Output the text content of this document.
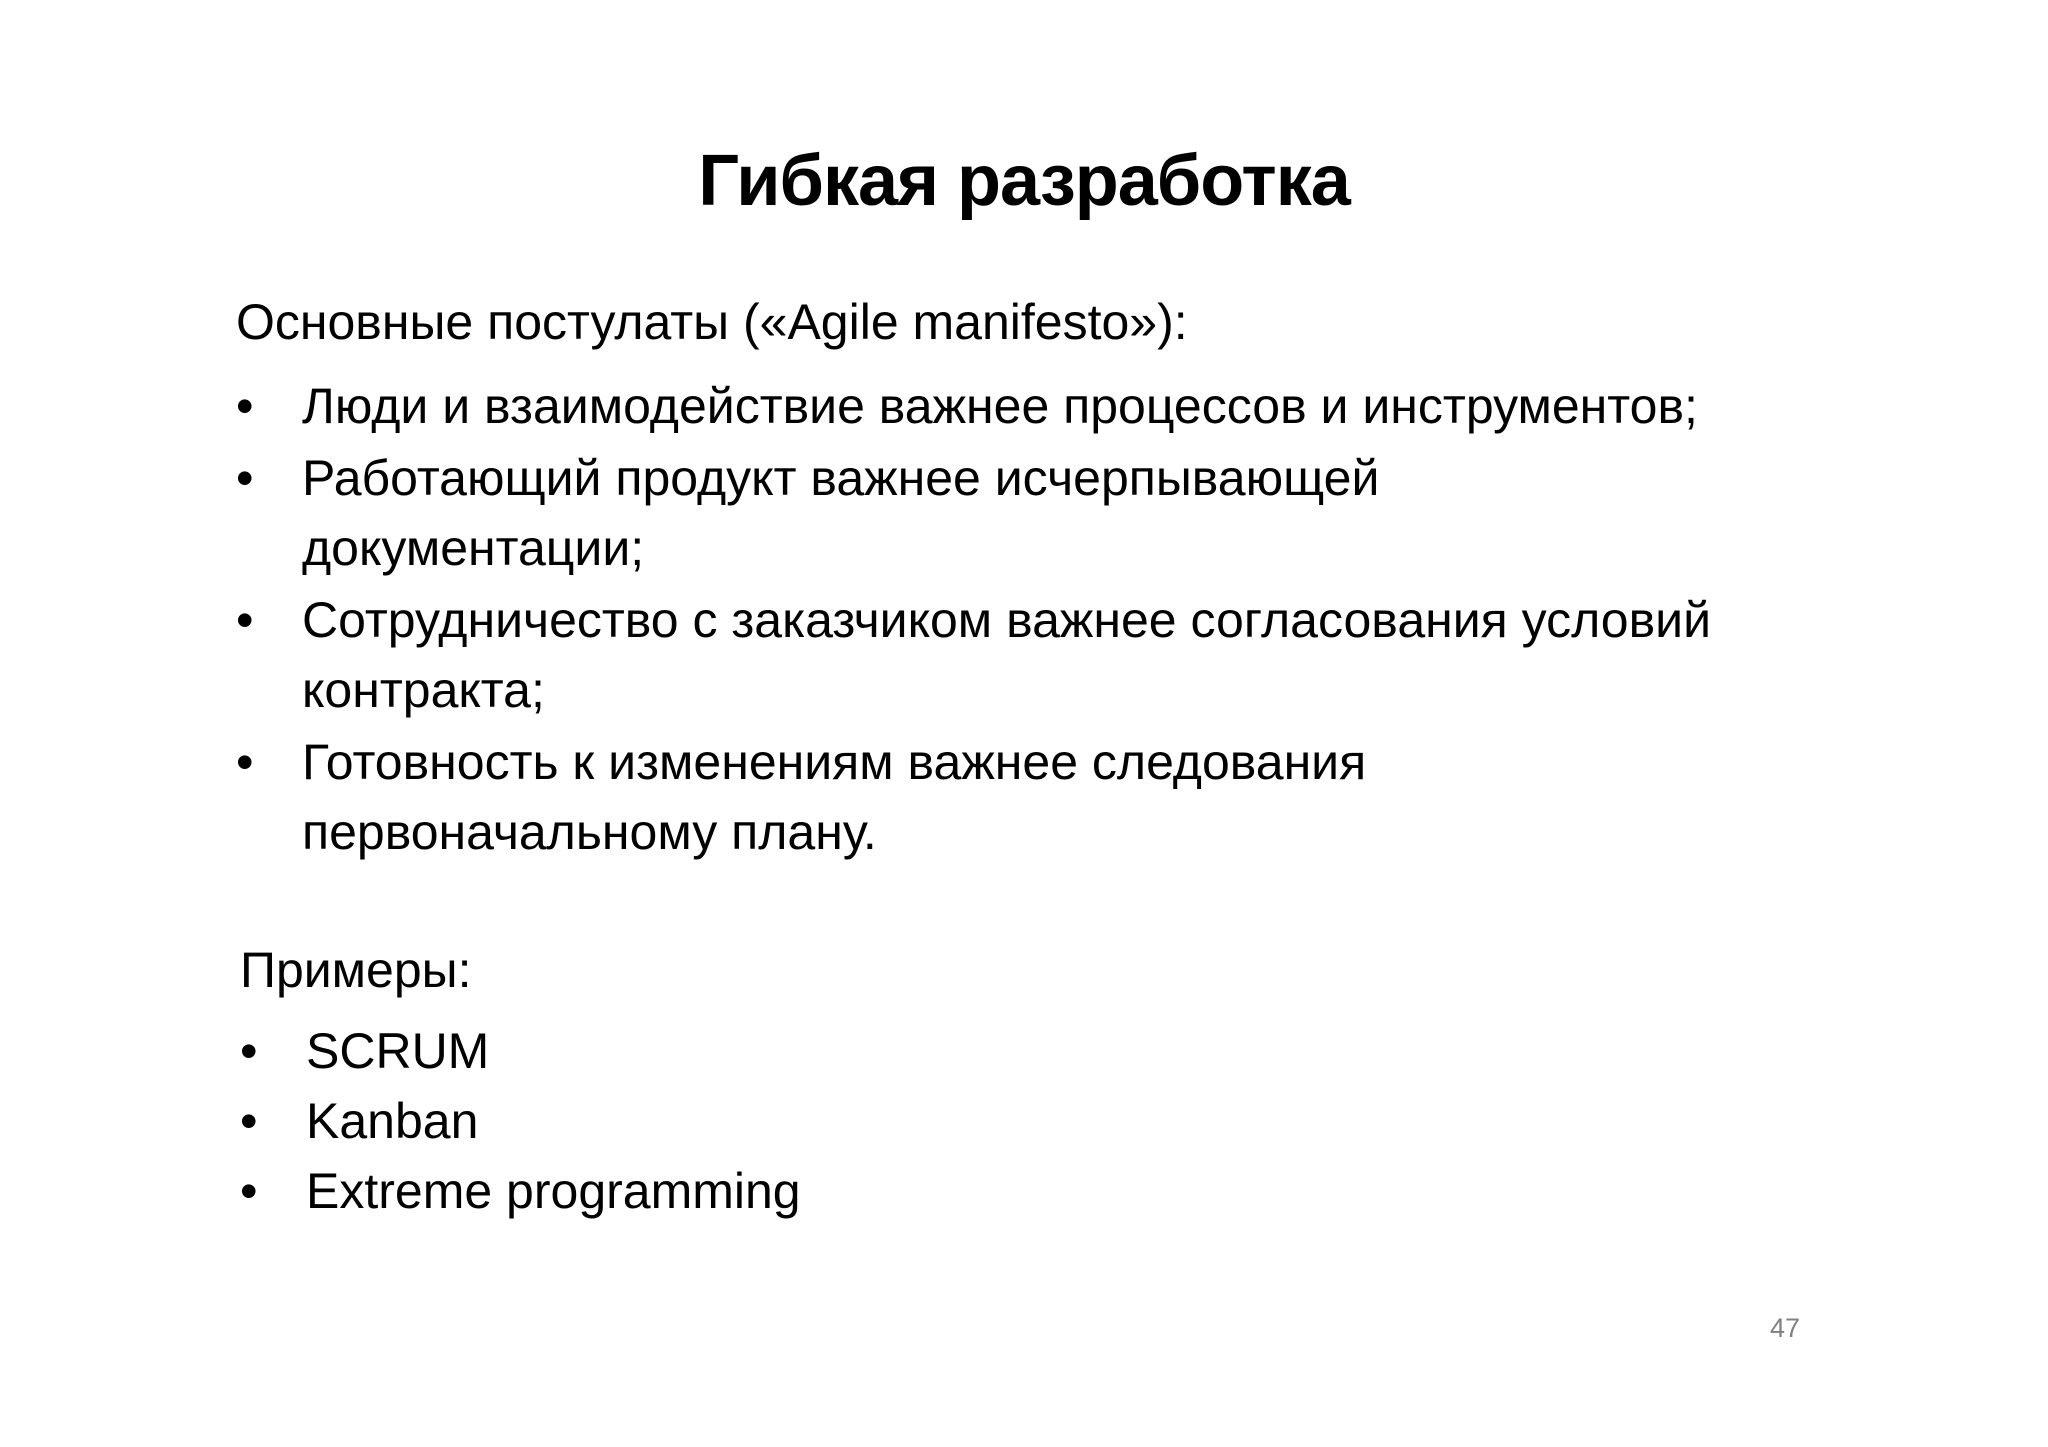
Гибкая разработка
Основные постулаты («Agile manifesto»):
• Люди и взаимодействие важнее процессов и инструментов;
• Работающий продукт важнее исчерпывающей
документации;
• Сотрудничество с заказчиком важнее согласования условий
контракта;
• Готовность к изменениям важнее следования
первоначальному плану.
Примеры:
• SCRUM
• Kanban
• Extreme programming
47
